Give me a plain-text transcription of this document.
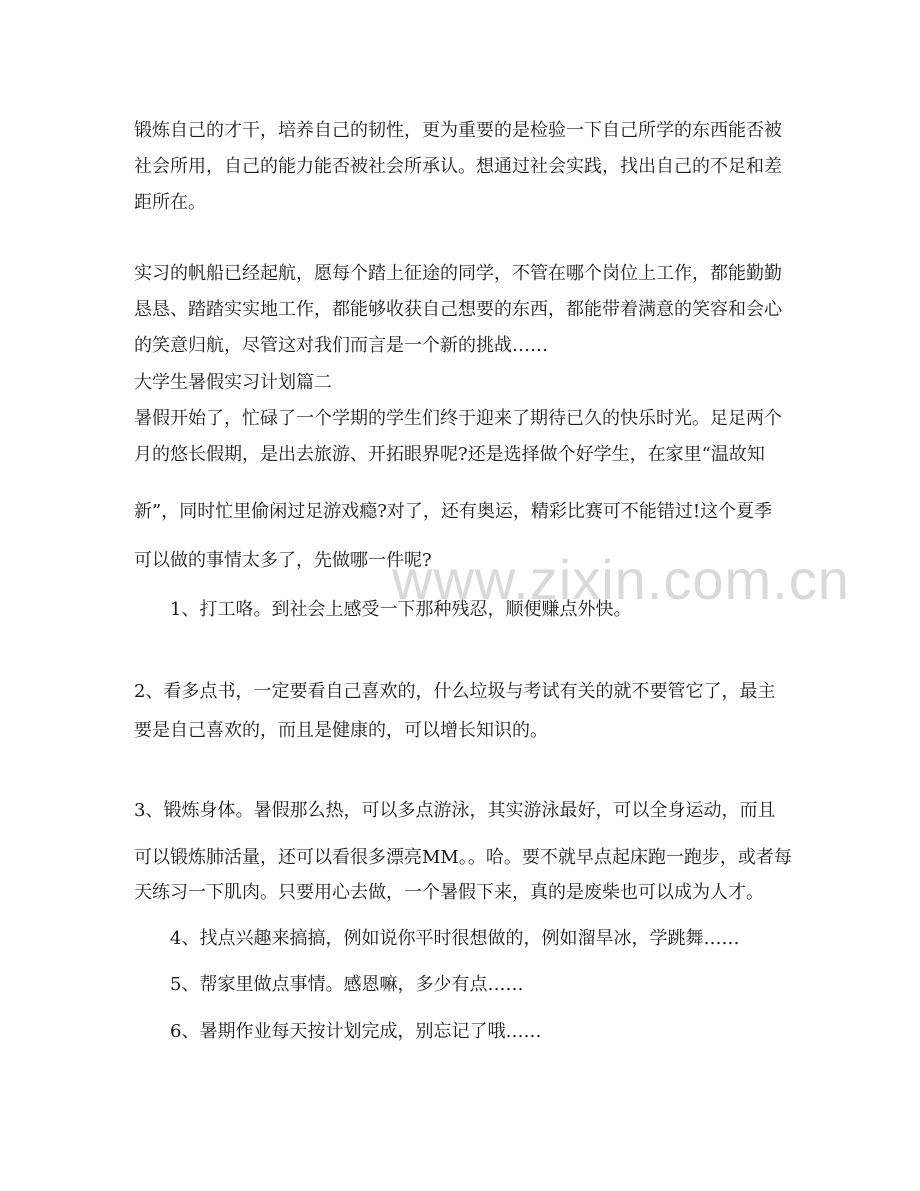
www.zixin.com.cn
锻炼自己的才干，培养自己的韧性，更为重要的是检验一下自己所学的东西能否被
社会所用，自己的能力能否被社会所承认。想通过社会实践，找出自己的不足和差
距所在。
实习的帆船已经起航，愿每个踏上征途的同学，不管在哪个岗位上工作，都能勤勤
恳恳、踏踏实实地工作，都能够收获自己想要的东西，都能带着满意的笑容和会心
的笑意归航，尽管这对我们而言是一个新的挑战……
大学生暑假实习计划篇二
暑假开始了，忙碌了一个学期的学生们终于迎来了期待已久的快乐时光。足足两个
月的悠长假期，是出去旅游、开拓眼界呢?还是选择做个好学生，在家里“温故知
新”，同时忙里偷闲过足游戏瘾?对了，还有奥运，精彩比赛可不能错过!这个夏季
可以做的事情太多了，先做哪一件呢?
1、打工咯。到社会上感受一下那种残忍，顺便赚点外快。
2、看多点书，一定要看自己喜欢的，什么垃圾与考试有关的就不要管它了，最主
要是自己喜欢的，而且是健康的，可以增长知识的。
3、锻炼身体。暑假那么热，可以多点游泳，其实游泳最好，可以全身运动，而且
可以锻炼肺活量，还可以看很多漂亮MM。。哈。要不就早点起床跑一跑步，或者每
天练习一下肌肉。只要用心去做，一个暑假下来，真的是废柴也可以成为人才。
4、找点兴趣来搞搞，例如说你平时很想做的，例如溜旱冰，学跳舞……
5、帮家里做点事情。感恩嘛，多少有点……
6、暑期作业每天按计划完成，别忘记了哦……
